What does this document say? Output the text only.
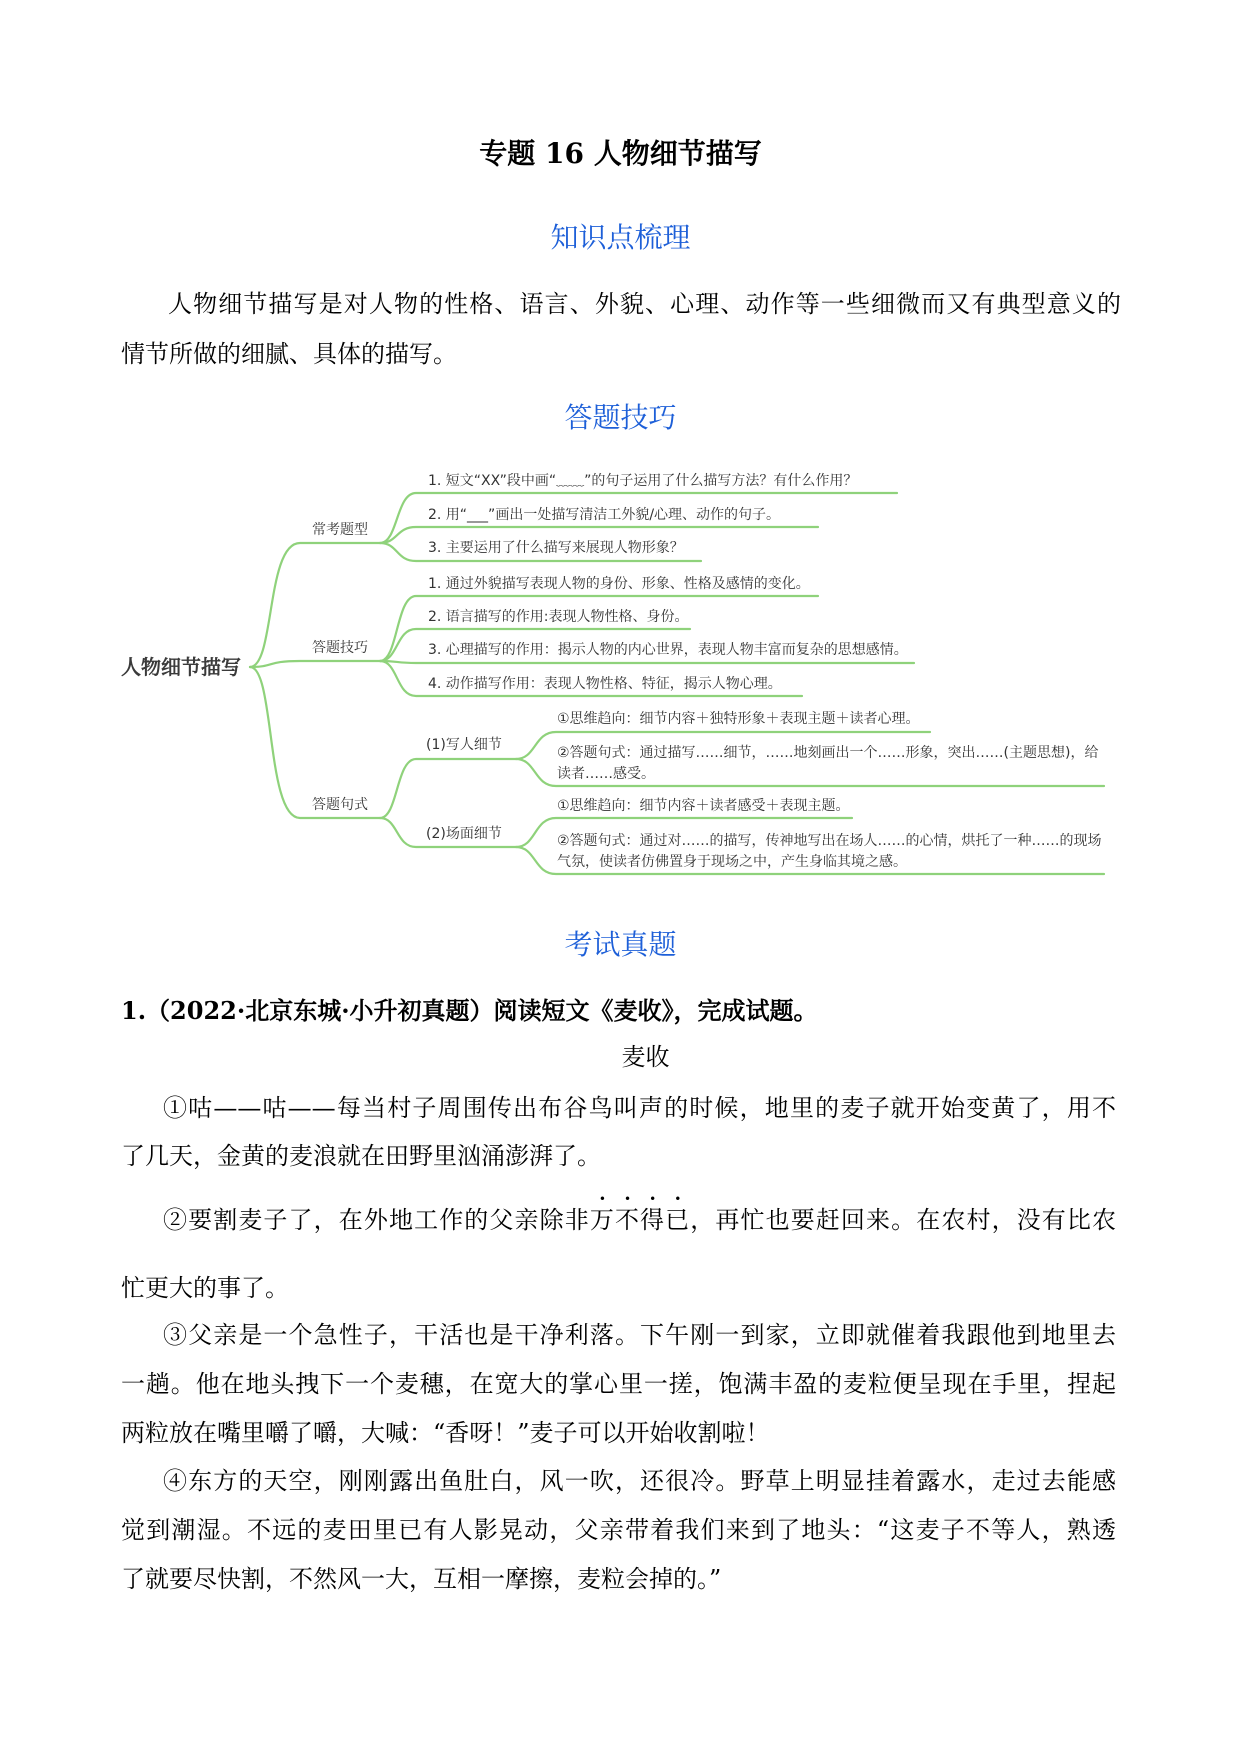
专题 16 人物细节描写
知识点梳理
人物细节描写是对人物的性格、语言、外貌、心理、动作等一些细微而又有典型意义的
情节所做的细腻、具体的描写。
答题技巧
人物细节描写
常考题型
答题技巧
答题句式
1. 短文“XX”段中画“﹏﹏”的句子运用了什么描写方法？有什么作用？
2. 用“___”画出一处描写清洁工外貌/心理、动作的句子。
3. 主要运用了什么描写来展现人物形象？
1. 通过外貌描写表现人物的身份、形象、性格及感情的变化。
2. 语言描写的作用:表现人物性格、身份。
3. 心理描写的作用：揭示人物的内心世界，表现人物丰富而复杂的思想感情。
4. 动作描写作用：表现人物性格、特征，揭示人物心理。
(1)写人细节
(2)场面细节
①思维趋向：细节内容＋独特形象＋表现主题＋读者心理。
②答题句式：通过描写……细节，……地刻画出一个……形象，突出……(主题思想)，给
读者……感受。
①思维趋向：细节内容＋读者感受＋表现主题。
②答题句式：通过对……的描写，传神地写出在场人……的心情，烘托了一种……的现场
气氛，使读者仿佛置身于现场之中，产生身临其境之感。
考试真题
1.（2022·北京东城·小升初真题）阅读短文《麦收》，完成试题。
麦收
①咕——咕——每当村子周围传出布谷鸟叫声的时候，地里的麦子就开始变黄了，用不
了几天，金黄的麦浪就在田野里汹涌澎湃了。
②要割麦子了，在外地工作的父亲除非万不得已，再忙也要赶回来。在农村，没有比农
忙更大的事了。
③父亲是一个急性子，干活也是干净利落。下午刚一到家，立即就催着我跟他到地里去
一趟。他在地头拽下一个麦穗，在宽大的掌心里一搓，饱满丰盈的麦粒便呈现在手里，捏起
两粒放在嘴里嚼了嚼，大喊：“香呀！”麦子可以开始收割啦！
④东方的天空，刚刚露出鱼肚白，风一吹，还很冷。野草上明显挂着露水，走过去能感
觉到潮湿。不远的麦田里已有人影晃动，父亲带着我们来到了地头：“这麦子不等人，熟透
了就要尽快割，不然风一大，互相一摩擦，麦粒会掉的。”
